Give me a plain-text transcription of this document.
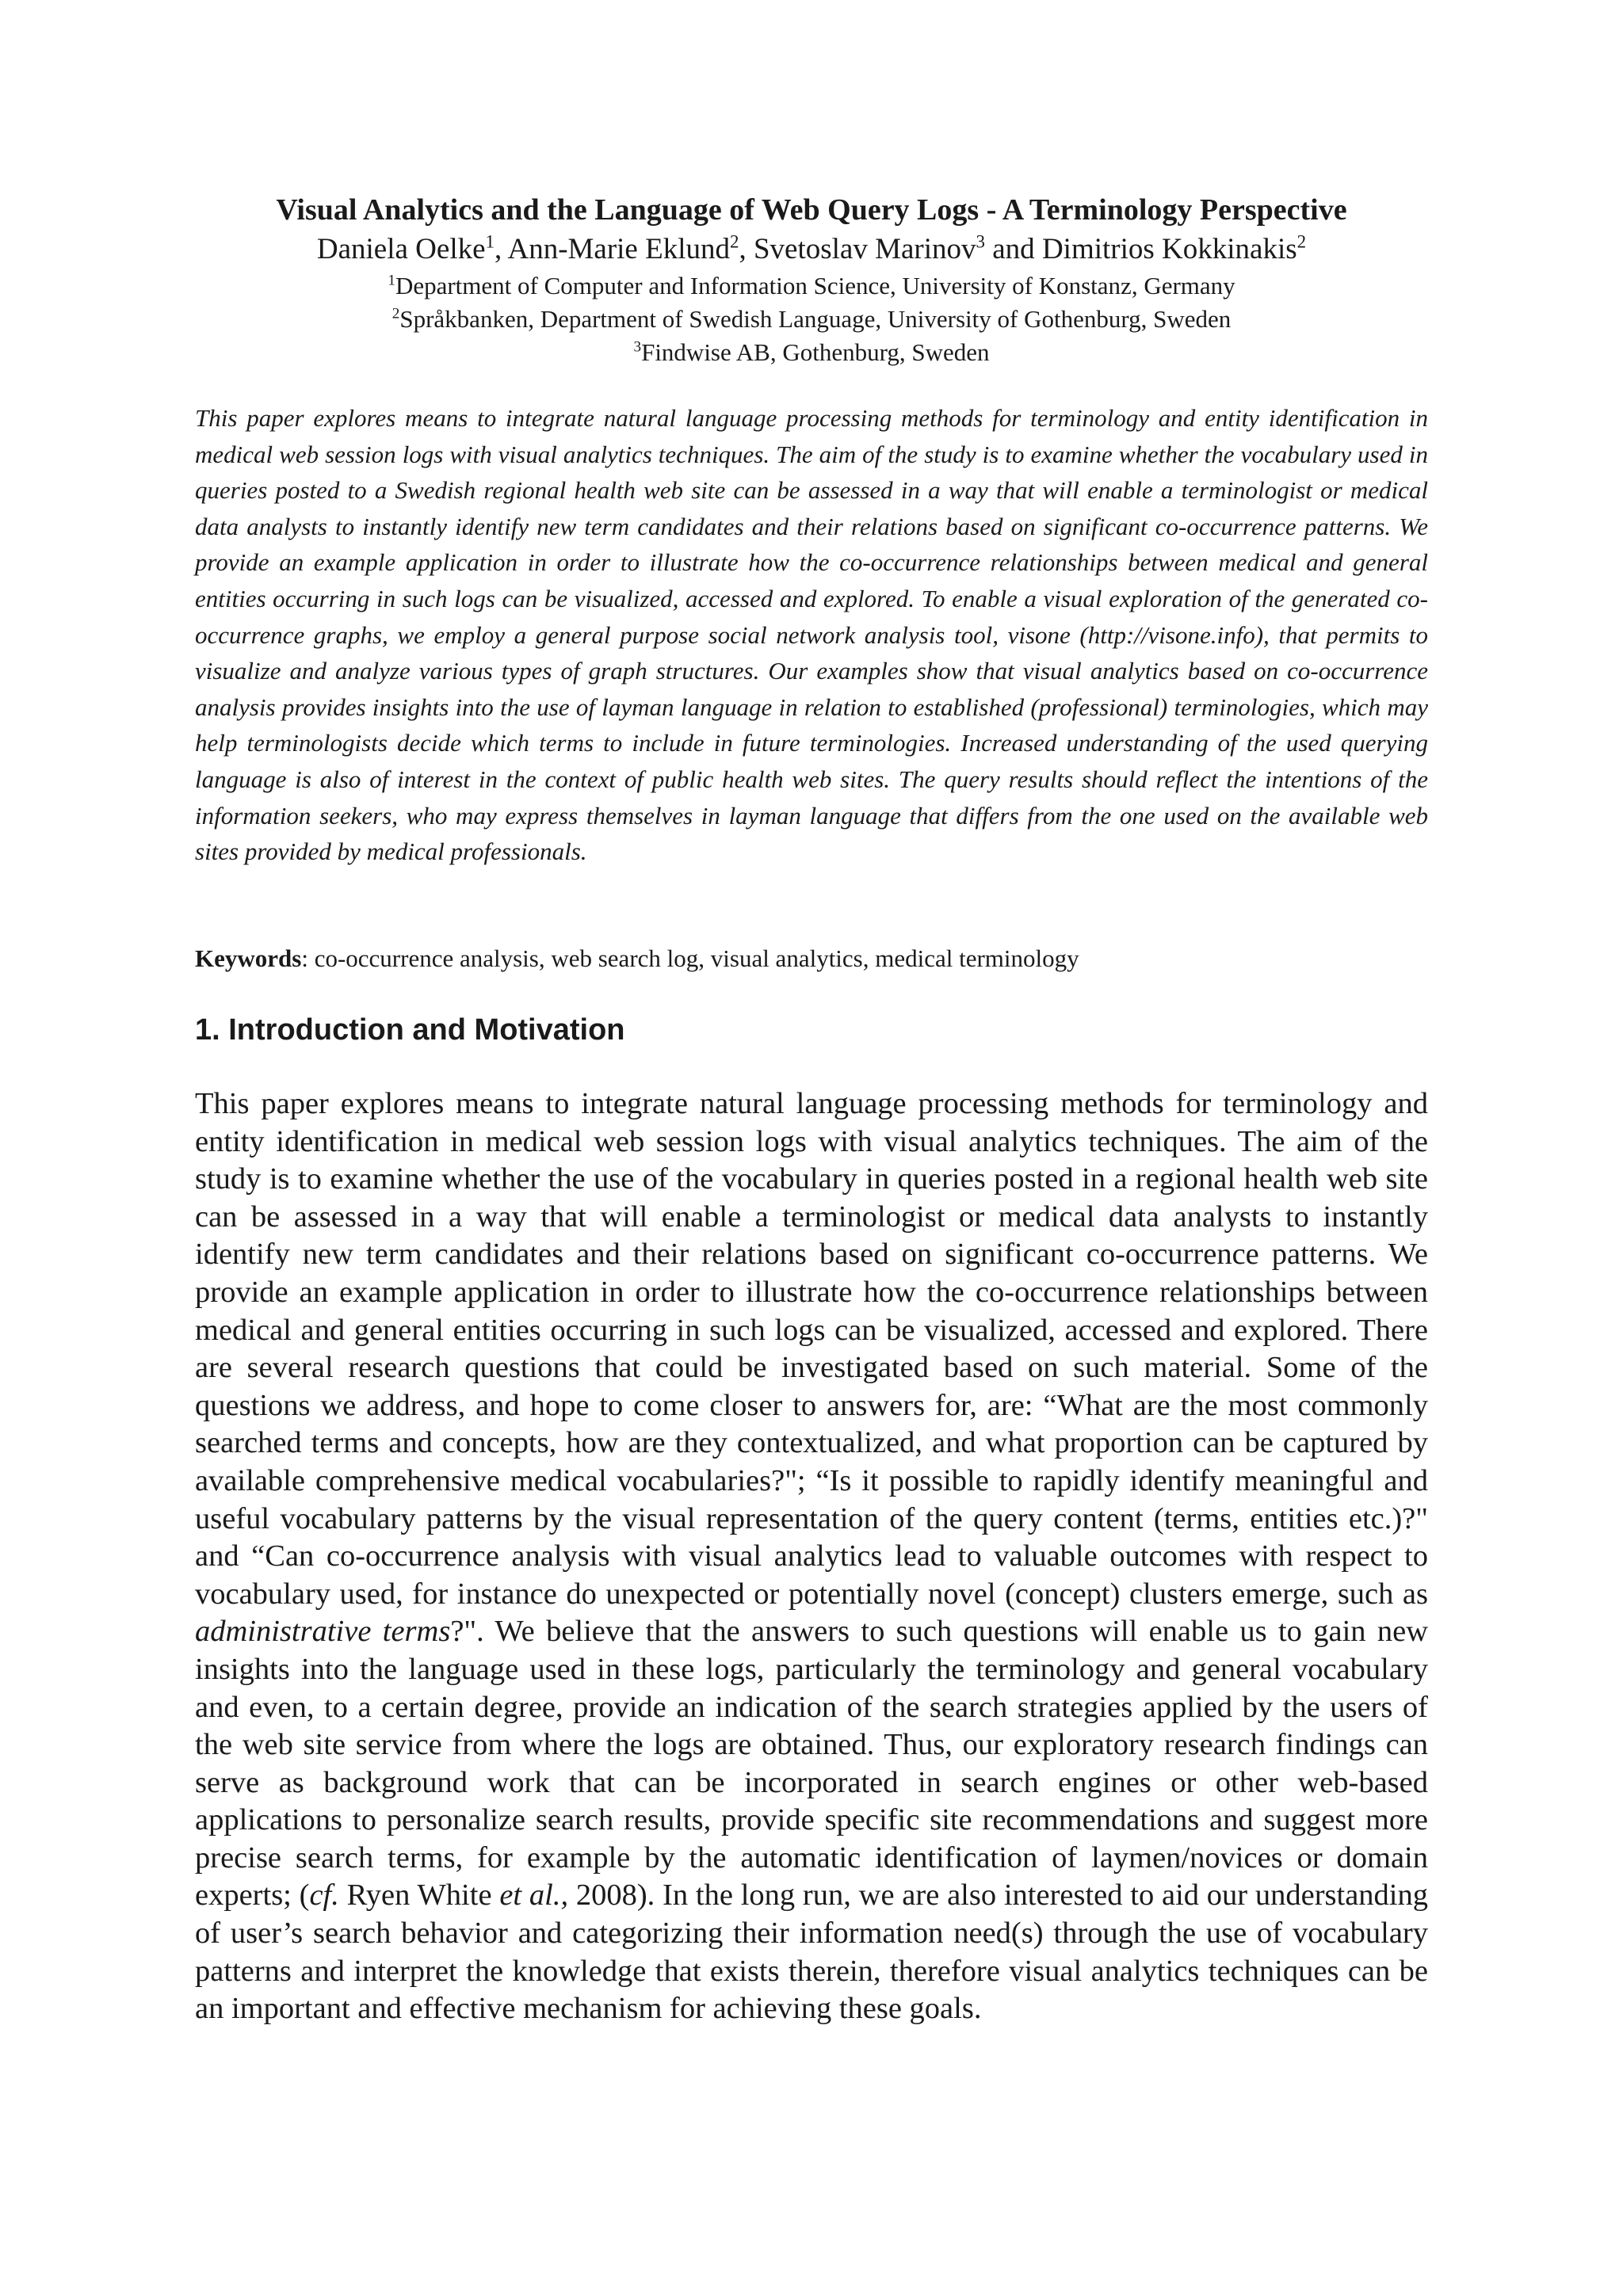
Visual Analytics and the Language of Web Query Logs - A Terminology Perspective

Daniela Oelke$^1$, Ann-Marie Eklund$^2$, Svetoslav Marinov$^3$ and Dimitrios Kokkinakis$^2$

$^1$Department of Computer and Information Science, University of Konstanz, Germany

$^2$Språkbanken, Department of Swedish Language, University of Gothenburg, Sweden

$^3$Findwise AB, Gothenburg, Sweden

This paper explores means to integrate natural language processing methods for terminology and entity identification in medical web session logs with visual analytics techniques. The aim of the study is to examine whether the vocabulary used in queries posted to a Swedish regional health web site can be assessed in a way that will enable a terminologist or medical data analysts to instantly identify new term candidates and their relations based on significant co-occurrence patterns. We provide an example application in order to illustrate how the co-occurrence relationships between medical and general entities occurring in such logs can be visualized, accessed and explored. To enable a visual exploration of the generated co-occurrence graphs, we employ a general purpose social network analysis tool, visone (http://visone.info), that permits to visualize and analyze various types of graph structures. Our examples show that visual analytics based on co-occurrence analysis provides insights into the use of layman language in relation to established (professional) terminologies, which may help terminologists decide which terms to include in future terminologies. Increased understanding of the used querying language is also of interest in the context of public health web sites. The query results should reflect the intentions of the information seekers, who may express themselves in layman language that differs from the one used on the available web sites provided by medical professionals.

Keywords: co-occurrence analysis, web search log, visual analytics, medical terminology

1. Introduction and Motivation

This paper explores means to integrate natural language processing methods for terminology and entity identification in medical web session logs with visual analytics techniques. The aim of the study is to examine whether the use of the vocabulary in queries posted in a regional health web site can be assessed in a way that will enable a terminologist or medical data analysts to instantly identify new term candidates and their relations based on significant co-occurrence patterns. We provide an example application in order to illustrate how the co-occurrence relationships between medical and general entities occurring in such logs can be visualized, accessed and explored. There are several research questions that could be investigated based on such material. Some of the questions we address, and hope to come closer to answers for, are: “What are the most commonly searched terms and concepts, how are they contextualized, and what proportion can be captured by available comprehensive medical vocabularies?"; “Is it possible to rapidly identify meaningful and useful vocabulary patterns by the visual representation of the query content (terms, entities etc.)?" and “Can co-occurrence analysis with visual analytics lead to valuable outcomes with respect to vocabulary used, for instance do unexpected or potentially novel (concept) clusters emerge, such as administrative terms?". We believe that the answers to such questions will enable us to gain new insights into the language used in these logs, particularly the terminology and general vocabulary and even, to a certain degree, provide an indication of the search strategies applied by the users of the web site service from where the logs are obtained. Thus, our exploratory research findings can serve as background work that can be incorporated in search engines or other web-based applications to personalize search results, provide specific site recommendations and suggest more precise search terms, for example by the automatic identification of laymen/novices or domain experts; (cf. Ryen White et al., 2008). In the long run, we are also interested to aid our understanding of user’s search behavior and categorizing their information need(s) through the use of vocabulary patterns and interpret the knowledge that exists therein, therefore visual analytics techniques can be an important and effective mechanism for achieving these goals.
